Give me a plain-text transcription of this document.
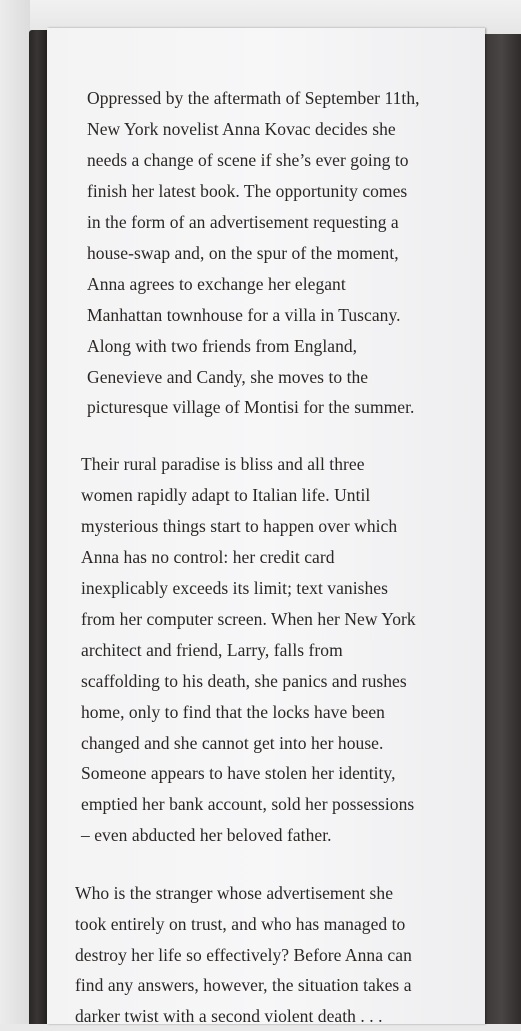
Oppressed by the aftermath of September 11th,
New York novelist Anna Kovac decides she
needs a change of scene if she’s ever going to
finish her latest book. The opportunity comes
in the form of an advertisement requesting a
house-swap and, on the spur of the moment,
Anna agrees to exchange her elegant
Manhattan townhouse for a villa in Tuscany.
Along with two friends from England,
Genevieve and Candy, she moves to the
picturesque village of Montisi for the summer.
Their rural paradise is bliss and all three
women rapidly adapt to Italian life. Until
mysterious things start to happen over which
Anna has no control: her credit card
inexplicably exceeds its limit; text vanishes
from her computer screen. When her New York
architect and friend, Larry, falls from
scaffolding to his death, she panics and rushes
home, only to find that the locks have been
changed and she cannot get into her house.
Someone appears to have stolen her identity,
emptied her bank account, sold her possessions
– even abducted her beloved father.
Who is the stranger whose advertisement she
took entirely on trust, and who has managed to
destroy her life so effectively? Before Anna can
find any answers, however, the situation takes a
darker twist with a second violent death . . .
